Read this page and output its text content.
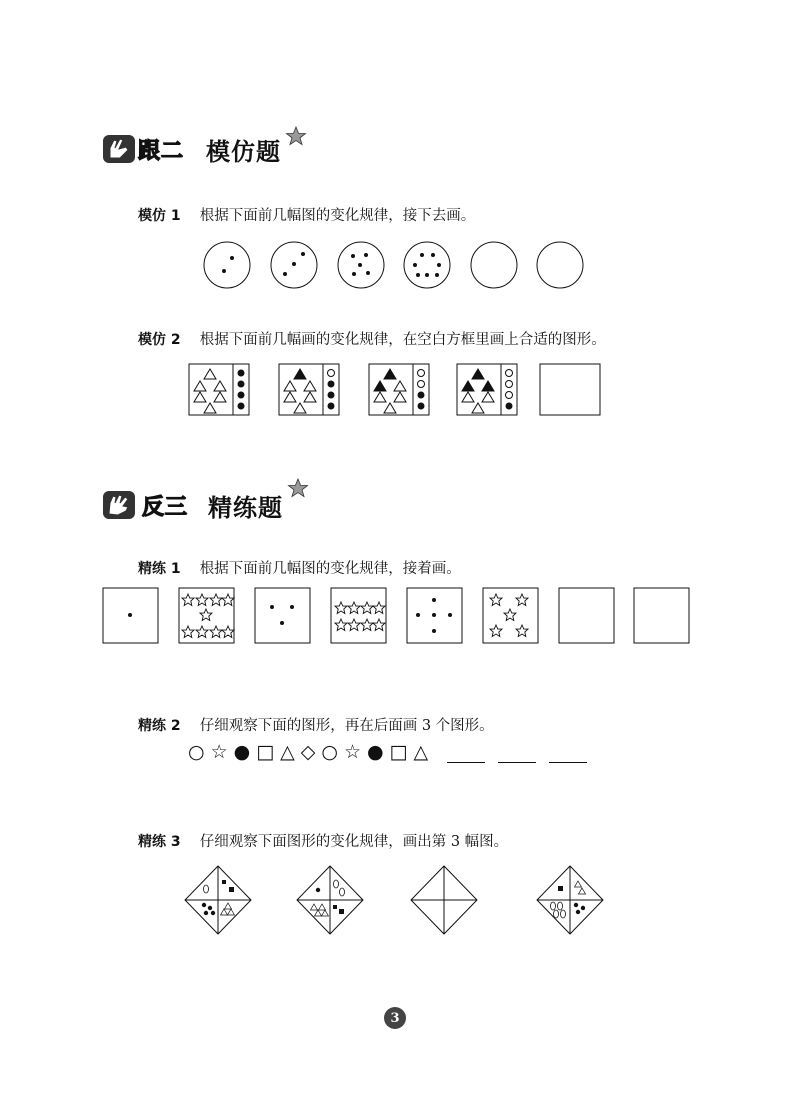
跟二 模仿题
模仿 1 根据下面前几幅图的变化规律，接下去画。
模仿 2 根据下面前几幅画的变化规律，在空白方框里画上合适的图形。
反三 精练题
精练 1 根据下面前几幅图的变化规律，接着画。
精练 2 仔细观察下面的图形，再在后面画 3 个图形。
○☆●□△◇○☆●□△
精练 3 仔细观察下面图形的变化规律，画出第 3 幅图。
3
